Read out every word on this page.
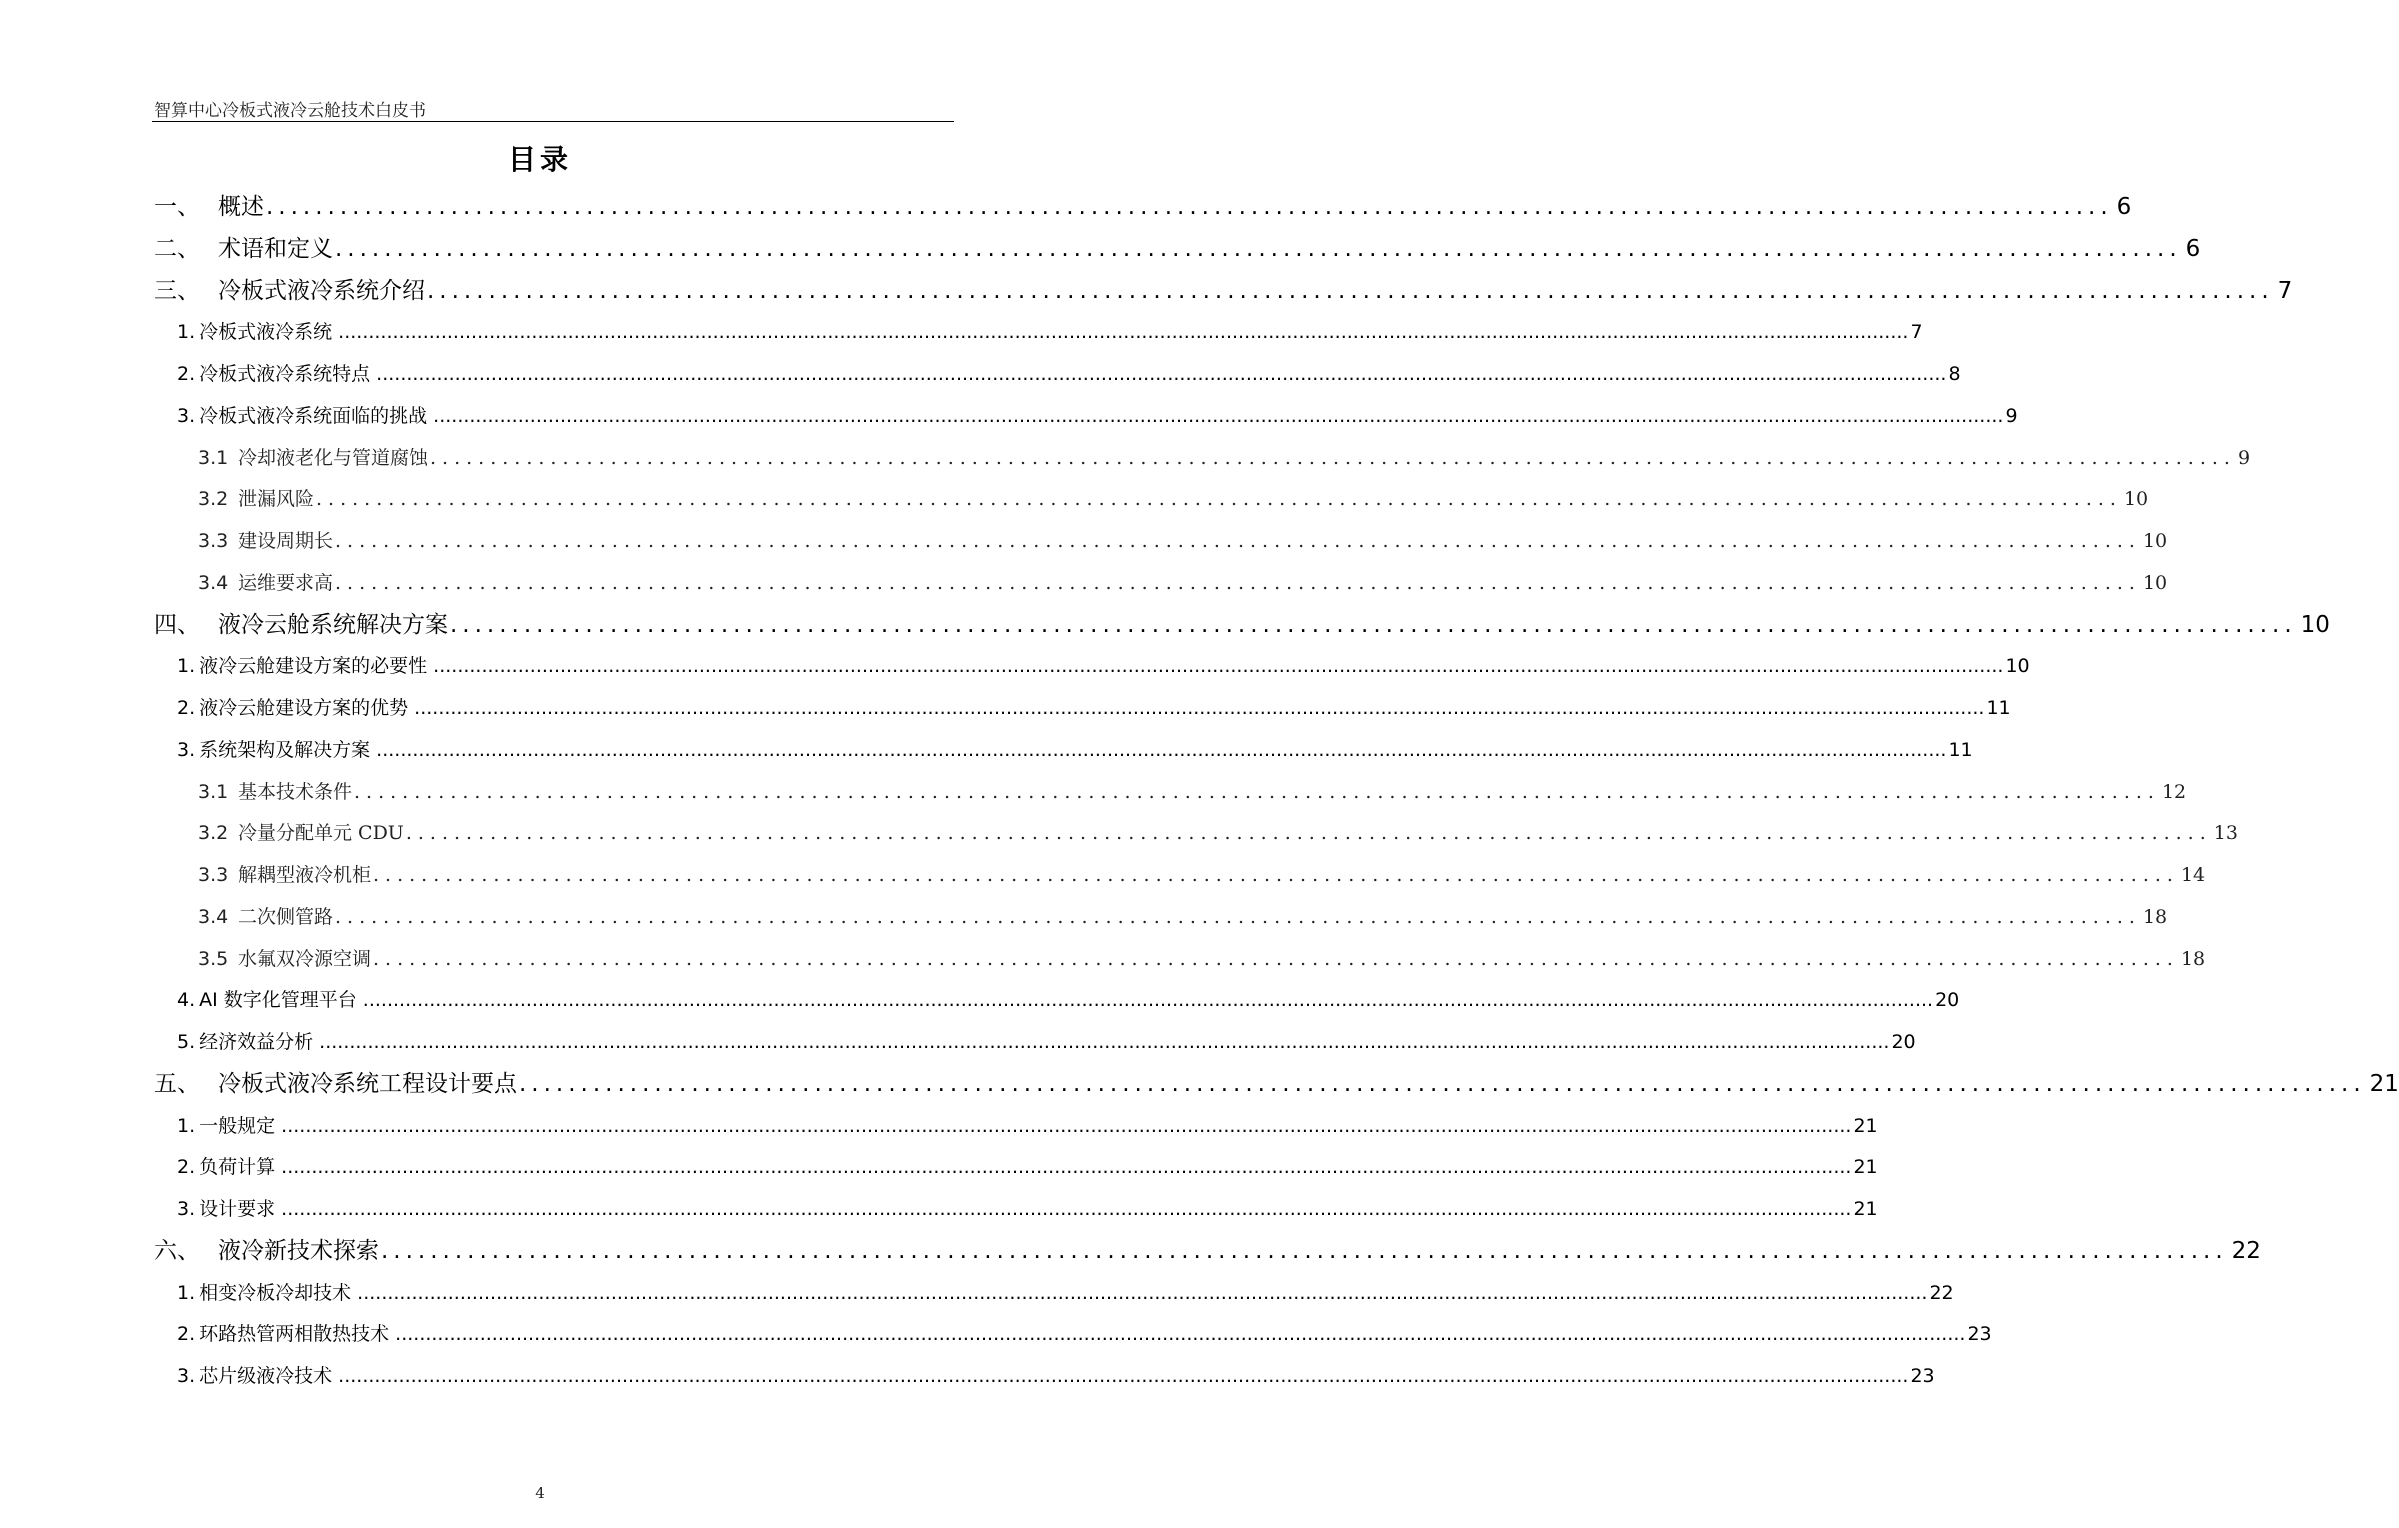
智算中心冷板式液冷云舱技术白皮书
目录
一、 概述 ...................................................................................................................................................... 6
二、 术语和定义 ...................................................................................................................................................... 6
三、 冷板式液冷系统介绍 ...................................................................................................................................................... 7
1. 冷板式液冷系统 .................................................................................................................................................................................................................................................................... 7
2. 冷板式液冷系统特点 .................................................................................................................................................................................................................................................................... 8
3. 冷板式液冷系统面临的挑战 .................................................................................................................................................................................................................................................................... 9
3.1 冷却液老化与管道腐蚀 ...................................................................................................................................................... 9
3.2 泄漏风险 ...................................................................................................................................................... 10
3.3 建设周期长 ...................................................................................................................................................... 10
3.4 运维要求高 ...................................................................................................................................................... 10
四、 液冷云舱系统解决方案 ...................................................................................................................................................... 10
1. 液冷云舱建设方案的必要性 .................................................................................................................................................................................................................................................................... 10
2. 液冷云舱建设方案的优势 .................................................................................................................................................................................................................................................................... 11
3. 系统架构及解决方案 .................................................................................................................................................................................................................................................................... 11
3.1 基本技术条件 ...................................................................................................................................................... 12
3.2 冷量分配单元 CDU ...................................................................................................................................................... 13
3.3 解耦型液冷机柜 ...................................................................................................................................................... 14
3.4 二次侧管路 ...................................................................................................................................................... 18
3.5 水氟双冷源空调 ...................................................................................................................................................... 18
4. AI 数字化管理平台 .................................................................................................................................................................................................................................................................... 20
5. 经济效益分析 .................................................................................................................................................................................................................................................................... 20
五、 冷板式液冷系统工程设计要点 ...................................................................................................................................................... 21
1. 一般规定 .................................................................................................................................................................................................................................................................... 21
2. 负荷计算 .................................................................................................................................................................................................................................................................... 21
3. 设计要求 .................................................................................................................................................................................................................................................................... 21
六、 液冷新技术探索 ...................................................................................................................................................... 22
1. 相变冷板冷却技术 .................................................................................................................................................................................................................................................................... 22
2. 环路热管两相散热技术 .................................................................................................................................................................................................................................................................... 23
3. 芯片级液冷技术 .................................................................................................................................................................................................................................................................... 23
4
